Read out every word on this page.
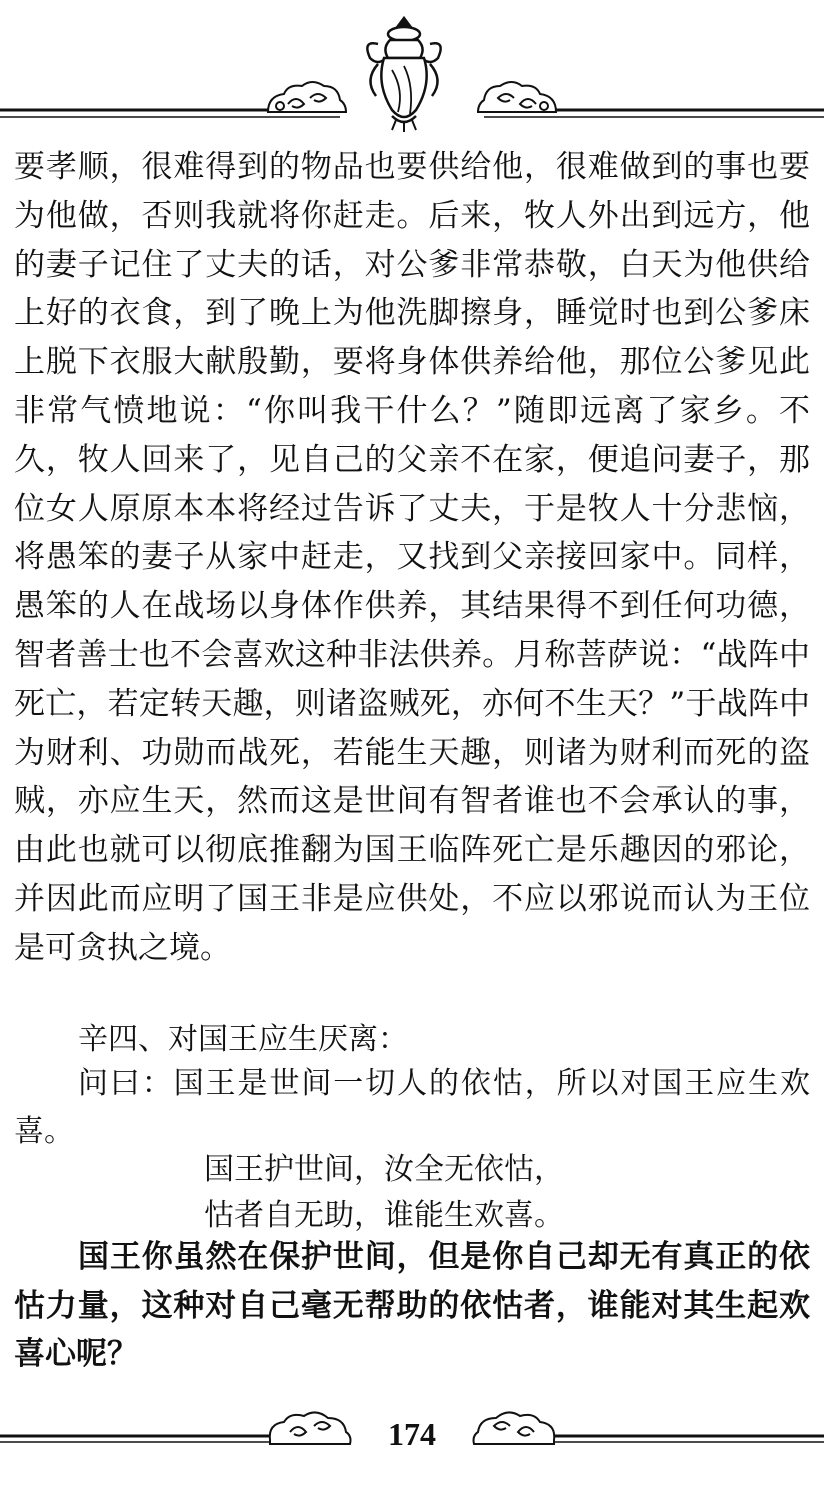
要孝顺，很难得到的物品也要供给他，很难做到的事也要为他做，否则我就将你赶走。后来，牧人外出到远方，他的妻子记住了丈夫的话，对公爹非常恭敬，白天为他供给上好的衣食，到了晚上为他洗脚擦身，睡觉时也到公爹床上脱下衣服大献殷勤，要将身体供养给他，那位公爹见此非常气愤地说：“你叫我干什么？”随即远离了家乡。不久，牧人回来了，见自己的父亲不在家，便追问妻子，那位女人原原本本将经过告诉了丈夫，于是牧人十分悲恼，将愚笨的妻子从家中赶走，又找到父亲接回家中。同样，愚笨的人在战场以身体作供养，其结果得不到任何功德，智者善士也不会喜欢这种非法供养。月称菩萨说：“战阵中死亡，若定转天趣，则诸盗贼死，亦何不生天？”于战阵中为财利、功勋而战死，若能生天趣，则诸为财利而死的盗贼，亦应生天，然而这是世间有智者谁也不会承认的事，由此也就可以彻底推翻为国王临阵死亡是乐趣因的邪论，并因此而应明了国王非是应供处，不应以邪说而认为王位是可贪执之境。

辛四、对国王应生厌离：
问曰：国王是世间一切人的依怙，所以对国王应生欢喜。
国王护世间，汝全无依怙，
怙者自无助，谁能生欢喜。
国王你虽然在保护世间，但是你自己却无有真正的依怙力量，这种对自己毫无帮助的依怙者，谁能对其生起欢喜心呢？
174
